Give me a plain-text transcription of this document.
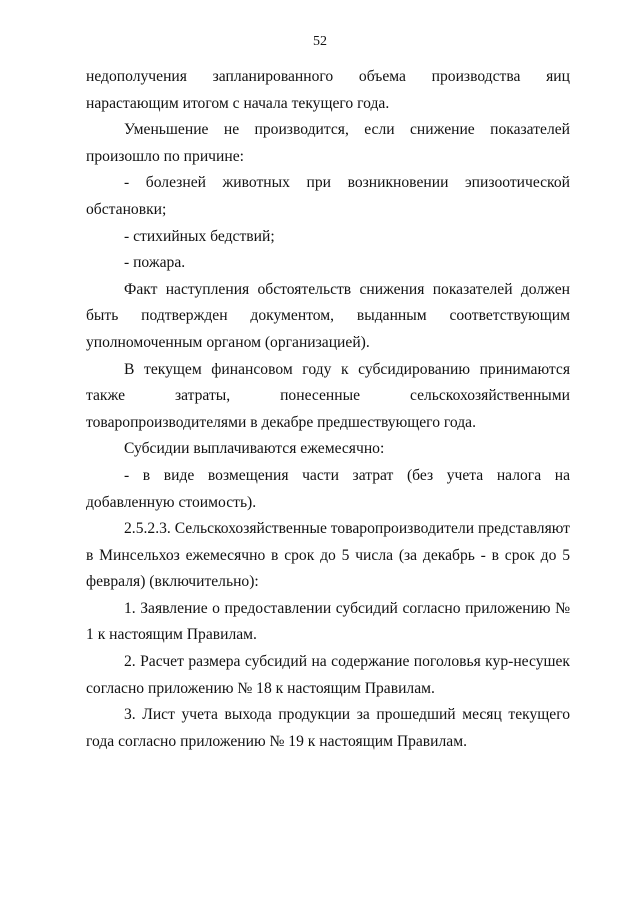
52

недополучения запланированного объема производства яиц нарастающим итогом с начала текущего года.

Уменьшение не производится, если снижение показателей произошло по причине:

- болезней животных при возникновении эпизоотической обстановки;

- стихийных бедствий;

- пожара.

Факт наступления обстоятельств снижения показателей должен быть подтвержден документом, выданным соответствующим уполномоченным органом (организацией).

В текущем финансовом году к субсидированию принимаются также затраты, понесенные сельскохозяйственными товаропроизводителями в декабре предшествующего года.

Субсидии выплачиваются ежемесячно:

- в виде возмещения части затрат (без учета налога на добавленную стоимость).

2.5.2.3. Сельскохозяйственные товаропроизводители представляют в Минсельхоз ежемесячно в срок до 5 числа (за декабрь - в срок до 5 февраля) (включительно):

1. Заявление о предоставлении субсидий согласно приложению № 1 к настоящим Правилам.

2. Расчет размера субсидий на содержание поголовья кур-несушек согласно приложению № 18 к настоящим Правилам.

3. Лист учета выхода продукции за прошедший месяц текущего года согласно приложению № 19 к настоящим Правилам.
